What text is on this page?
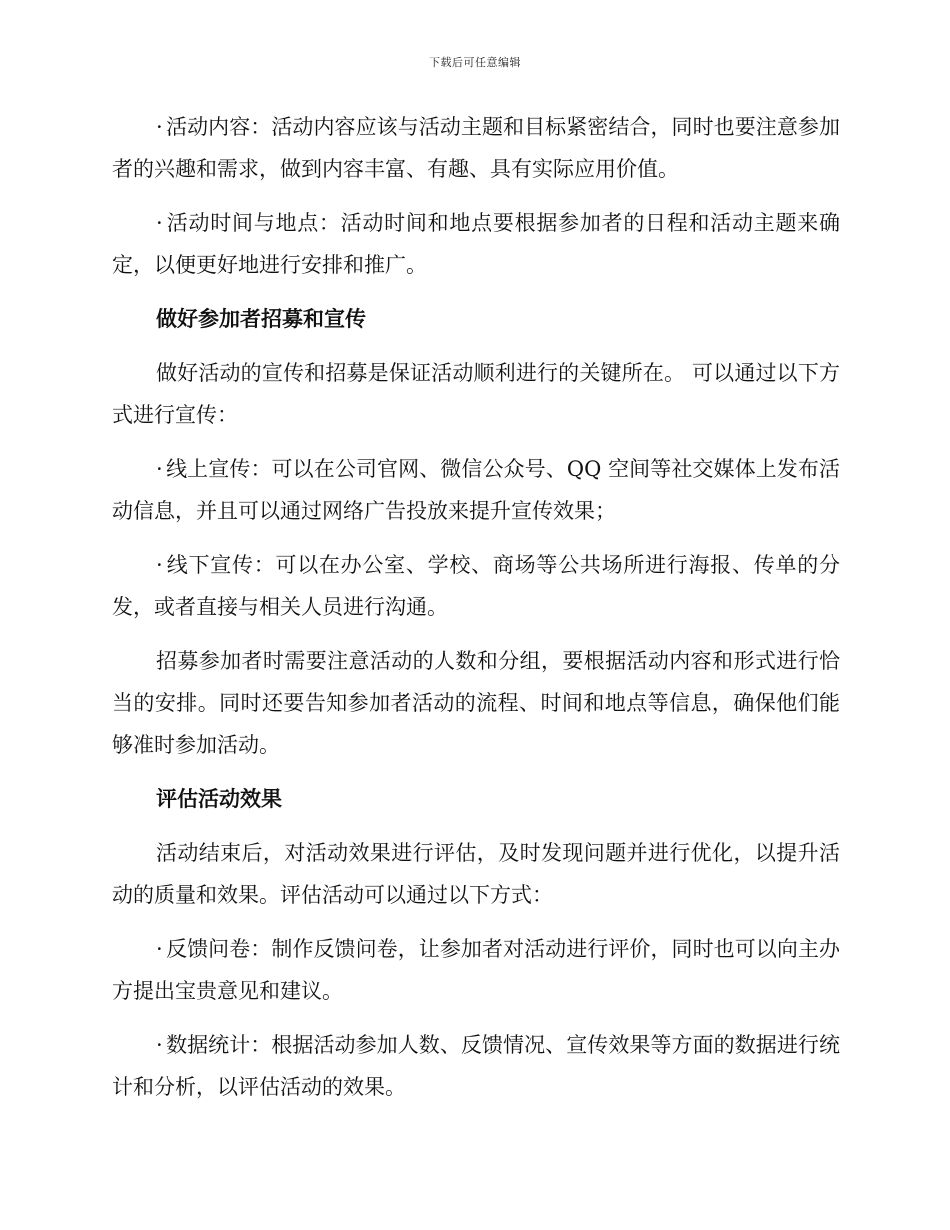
下载后可任意编辑

· 活动内容：活动内容应该与活动主题和目标紧密结合，同时也要注意参加者的兴趣和需求，做到内容丰富、有趣、具有实际应用价值。

· 活动时间与地点：活动时间和地点要根据参加者的日程和活动主题来确定，以便更好地进行安排和推广。

做好参加者招募和宣传

做好活动的宣传和招募是保证活动顺利进行的关键所在。 可以通过以下方式进行宣传：

· 线上宣传：可以在公司官网、微信公众号、QQ 空间等社交媒体上发布活动信息，并且可以通过网络广告投放来提升宣传效果；

· 线下宣传：可以在办公室、学校、商场等公共场所进行海报、传单的分发，或者直接与相关人员进行沟通。

招募参加者时需要注意活动的人数和分组，要根据活动内容和形式进行恰当的安排。同时还要告知参加者活动的流程、时间和地点等信息，确保他们能够准时参加活动。

评估活动效果

活动结束后，对活动效果进行评估，及时发现问题并进行优化，以提升活动的质量和效果。评估活动可以通过以下方式：

· 反馈问卷：制作反馈问卷，让参加者对活动进行评价，同时也可以向主办方提出宝贵意见和建议。

· 数据统计：根据活动参加人数、反馈情况、宣传效果等方面的数据进行统计和分析，以评估活动的效果。
